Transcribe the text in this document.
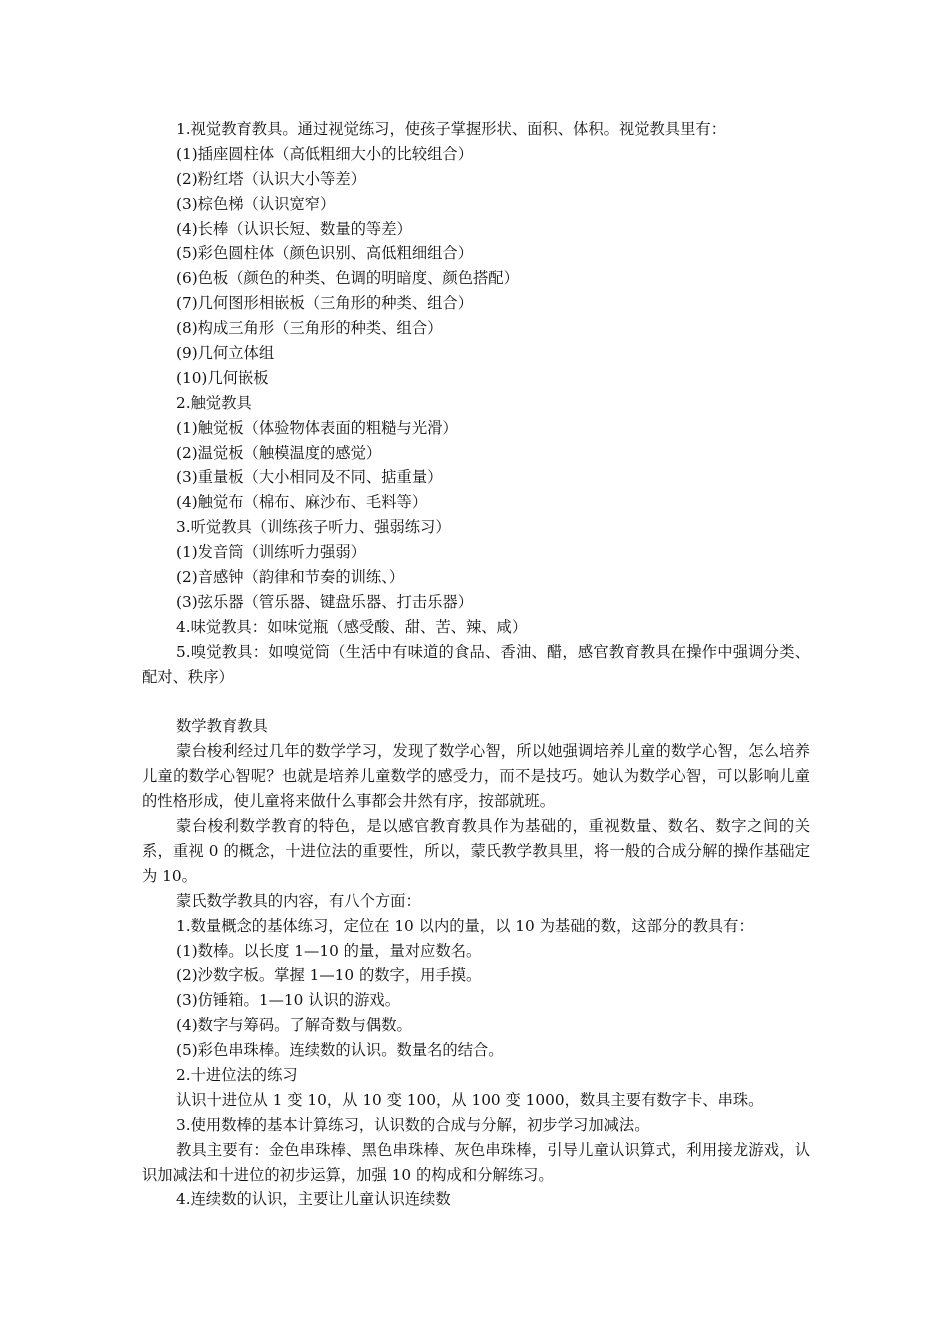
1.视觉教育教具。通过视觉练习，使孩子掌握形状、面积、体积。视觉教具里有：
(1)插座圆柱体（高低粗细大小的比较组合）
(2)粉红塔（认识大小等差）
(3)棕色梯（认识宽窄）
(4)长棒（认识长短、数量的等差）
(5)彩色圆柱体（颜色识别、高低粗细组合）
(6)色板（颜色的种类、色调的明暗度、颜色搭配）
(7)几何图形相嵌板（三角形的种类、组合）
(8)构成三角形（三角形的种类、组合）
(9)几何立体组
(10)几何嵌板
2.触觉教具
(1)触觉板（体验物体表面的粗糙与光滑）
(2)温觉板（触模温度的感觉）
(3)重量板（大小相同及不同、掂重量）
(4)触觉布（棉布、麻沙布、毛料等）
3.听觉教具（训练孩子听力、强弱练习）
(1)发音筒（训练听力强弱）
(2)音感钟（韵律和节奏的训练、）
(3)弦乐器（管乐器、键盘乐器、打击乐器）
4.味觉教具：如味觉瓶（感受酸、甜、苦、辣、咸）
5.嗅觉教具：如嗅觉筒（生活中有味道的食品、香油、醋，感官教育教具在操作中强调分类、配对、秩序）
数学教育教具
蒙台梭利经过几年的数学学习，发现了数学心智，所以她强调培养儿童的数学心智，怎么培养儿童的数学心智呢？也就是培养儿童数学的感受力，而不是技巧。她认为数学心智，可以影响儿童的性格形成，使儿童将来做什么事都会井然有序，按部就班。
蒙台梭利数学教育的特色，是以感官教育教具作为基础的，重视数量、数名、数字之间的关系，重视 0 的概念，十进位法的重要性，所以，蒙氏教学教具里，将一般的合成分解的操作基础定为 10。
蒙氏数学教具的内容，有八个方面：
1.数量概念的基体练习，定位在 10 以内的量，以 10 为基础的数，这部分的教具有：
(1)数棒。以长度 1—10 的量，量对应数名。
(2)沙数字板。掌握 1—10 的数字，用手摸。
(3)仿锤箱。1—10 认识的游戏。
(4)数字与筹码。了解奇数与偶数。
(5)彩色串珠棒。连续数的认识。数量名的结合。
2.十进位法的练习
认识十进位从 1 变 10，从 10 变 100，从 100 变 1000，数具主要有数字卡、串珠。
3.使用数棒的基本计算练习，认识数的合成与分解，初步学习加减法。
教具主要有：金色串珠棒、黑色串珠棒、灰色串珠棒，引导儿童认识算式，利用接龙游戏，认识加减法和十进位的初步运算，加强 10 的构成和分解练习。
4.连续数的认识，主要让儿童认识连续数
